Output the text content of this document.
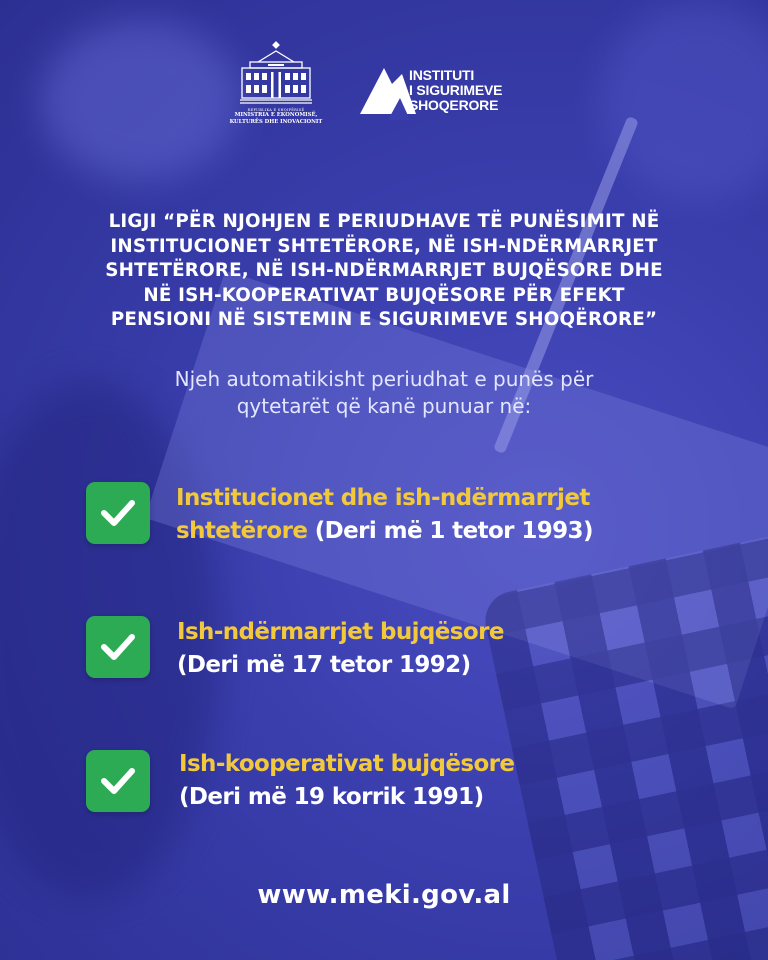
REPUBLIKA E SHQIPËRISË
MINISTRIA E EKONOMISË,
KULTURËS DHE INOVACIONIT
INSTITUTI
I SIGURIMEVE
SHOQERORE
LIGJI “PËR NJOHJEN E PERIUDHAVE TË PUNËSIMIT NË
INSTITUCIONET SHTETËRORE, NË ISH-NDËRMARRJET
SHTETËRORE, NË ISH-NDËRMARRJET BUJQËSORE DHE
NË ISH-KOOPERATIVAT BUJQËSORE PËR EFEKT
PENSIONI NË SISTEMIN E SIGURIMEVE SHOQËRORE”

Njeh automatikisht periudhat e punës për
qytetarët që kanë punuar në:

Institucionet dhe ish-ndërmarrjet
shtetërore (Deri më 1 tetor 1993)
Ish-ndërmarrjet bujqësore
(Deri më 17 tetor 1992)
Ish-kooperativat bujqësore
(Deri më 19 korrik 1991)

www.meki.gov.al
